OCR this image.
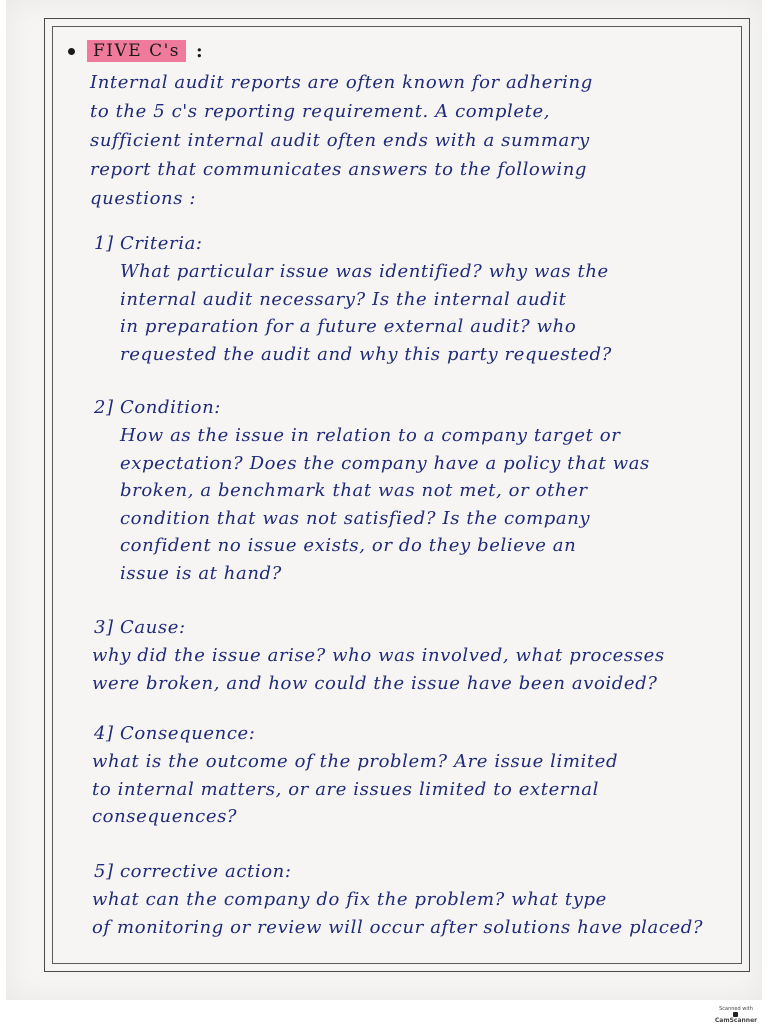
FIVE C's :

Internal audit reports are often known for adhering

to the 5 c's reporting requirement. A complete,

sufficient internal audit often ends with a summary

report that communicates answers to the following

questions :

1] Criteria:

What particular issue was identified? why was the

internal audit necessary? Is the internal audit

in preparation for a future external audit? who

requested the audit and why this party requested?

2] Condition:

How as the issue in relation to a company target or

expectation? Does the company have a policy that was

broken, a benchmark that was not met, or other

condition that was not satisfied? Is the company

confident no issue exists, or do they believe an

issue is at hand?

3] Cause:

why did the issue arise? who was involved, what processes

were broken, and how could the issue have been avoided?

4] Consequence:

what is the outcome of the problem? Are issue limited

to internal matters, or are issues limited to external

consequences?

5] corrective action:

what can the company do fix the problem? what type

of monitoring or review will occur after solutions have placed?

Scanned with
CamScanner
